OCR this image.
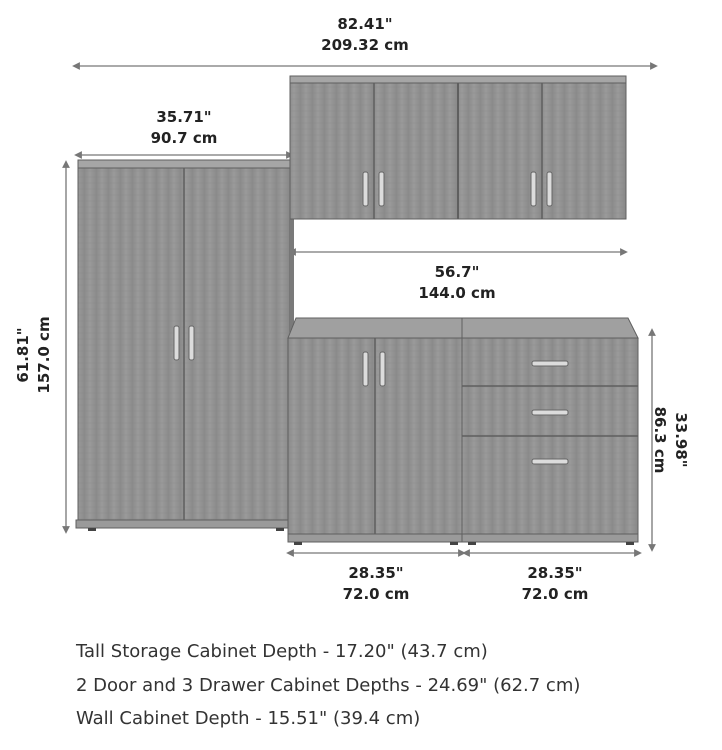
82.41"
209.32 cm
35.71"
90.7 cm
61.81" 157.0 cm
56.7"
144.0 cm
33.98"
86.3 cm
28.35"
72.0 cm
28.35"
72.0 cm
Tall Storage Cabinet Depth - 17.20" (43.7 cm)
2 Door and 3 Drawer Cabinet Depths - 24.69" (62.7 cm)
Wall Cabinet Depth - 15.51" (39.4 cm)
